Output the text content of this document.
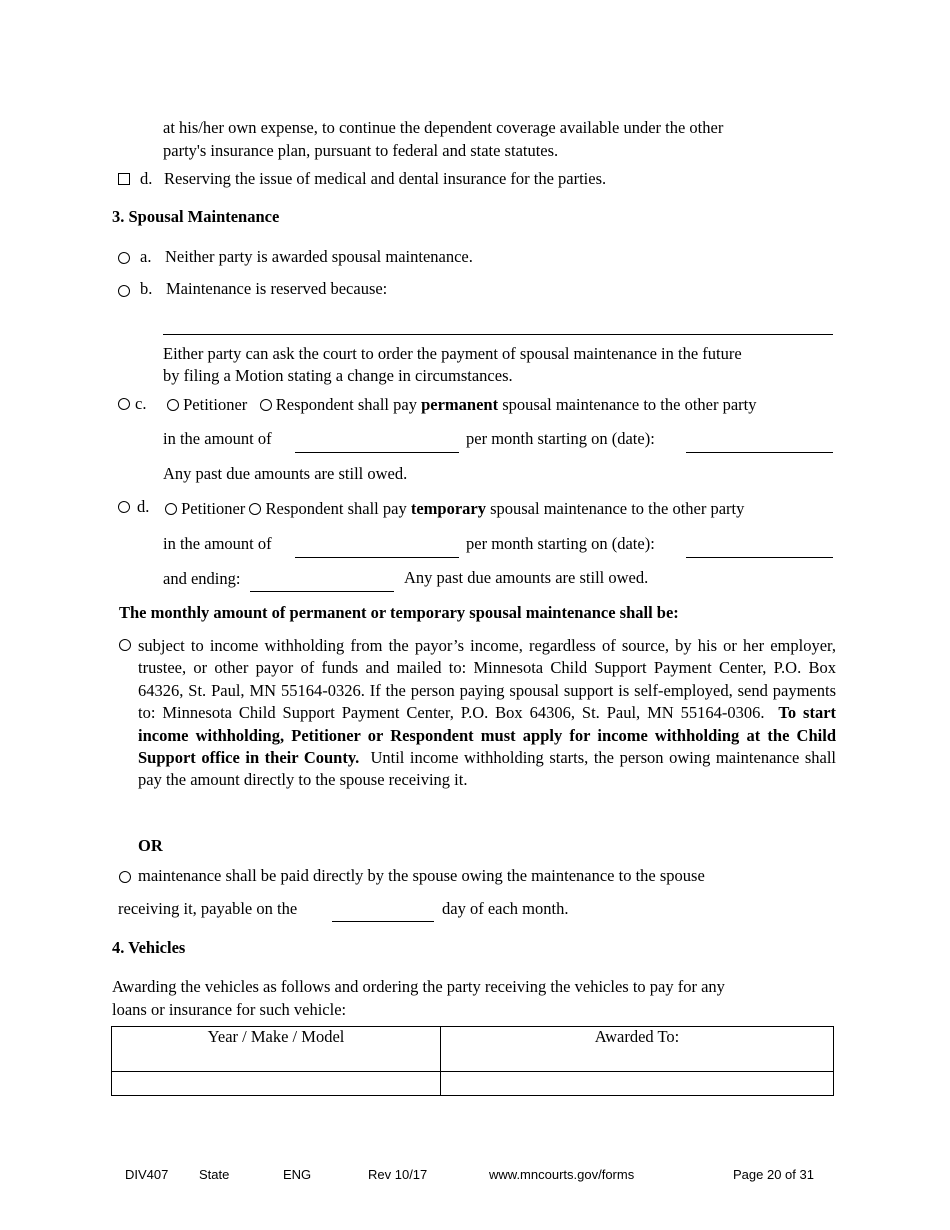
at his/her own expense, to continue the dependent coverage available under the other
party's insurance plan, pursuant to federal and state statutes.
d. Reserving the issue of medical and dental insurance for the parties.
3. Spousal Maintenance
a. Neither party is awarded spousal maintenance.
b. Maintenance is reserved because:
Either party can ask the court to order the payment of spousal maintenance in the future
by filing a Motion stating a change in circumstances.
c.	Petitioner Respondent shall pay permanent spousal maintenance to the other party
in the amount of	per month starting on (date):
Any past due amounts are still owed.
d.	Petitioner Respondent shall pay temporary spousal maintenance to the other party
in the amount of	per month starting on (date):
and ending:	Any past due amounts are still owed.
The monthly amount of permanent or temporary spousal maintenance shall be:
subject to income withholding from the payor’s income, regardless of source, by his or her employer, trustee, or other payor of funds and mailed to: Minnesota Child Support Payment Center, P.O. Box 64326, St. Paul, MN 55164-0326. If the person paying spousal support is self-employed, send payments to: Minnesota Child Support Payment Center, P.O. Box 64306, St. Paul, MN 55164-0306. To start income withholding, Petitioner or Respondent must apply for income withholding at the Child Support office in their County. Until income withholding starts, the person owing maintenance shall pay the amount directly to the spouse receiving it.
OR
maintenance shall be paid directly by the spouse owing the maintenance to the spouse
receiving it, payable on the	day of each month.
4. Vehicles
Awarding the vehicles as follows and ordering the party receiving the vehicles to pay for any
loans or insurance for such vehicle:
Year / Make / Model	Awarded To:

DIV407 State	ENG	Rev 10/17	www.mncourts.gov/forms	Page 20 of 31
